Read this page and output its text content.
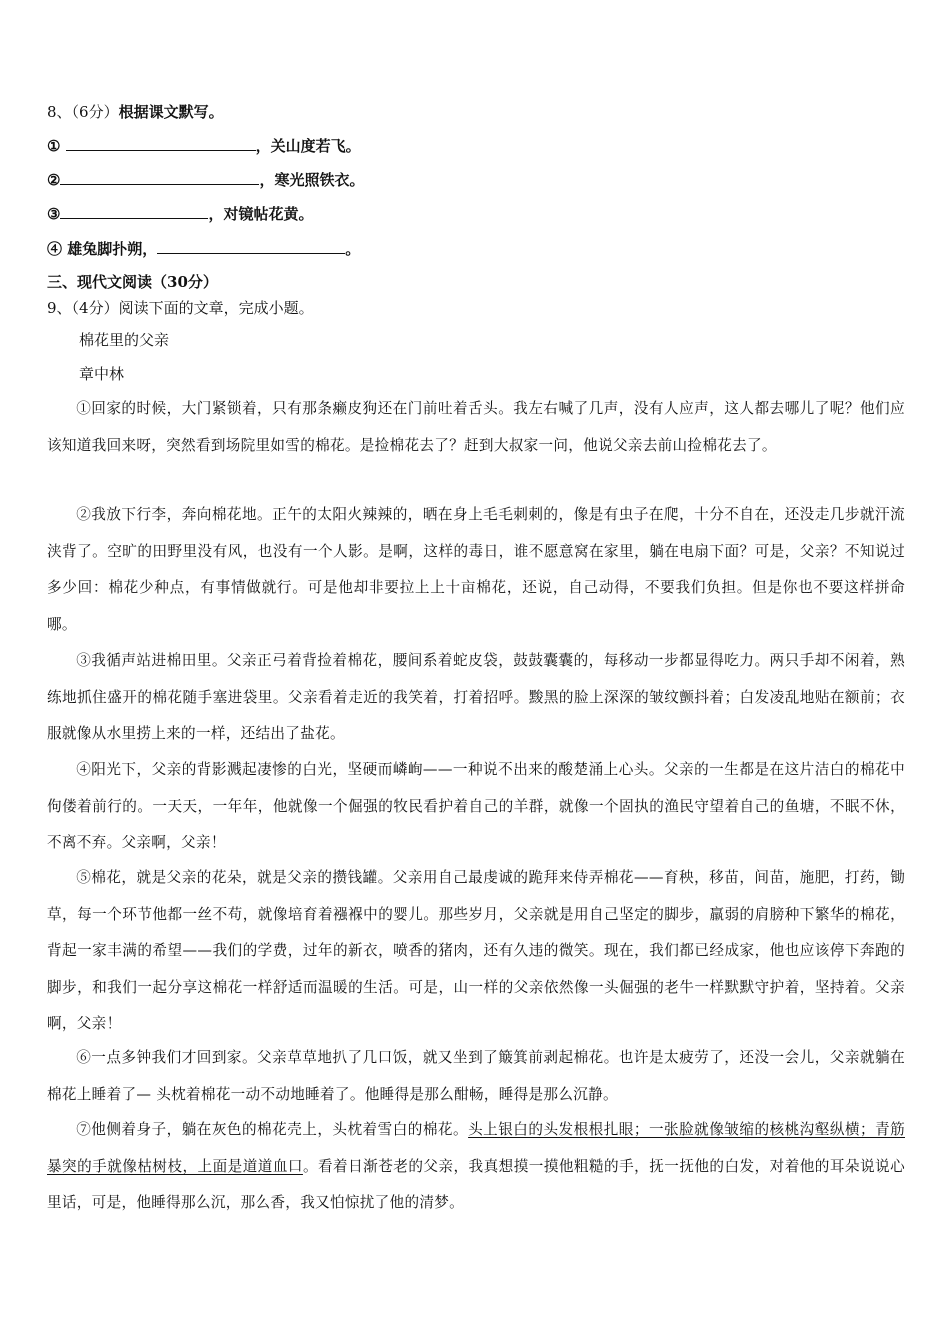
8、（6分）根据课文默写。
①	，关山度若飞。
②	，寒光照铁衣。
③	，对镜帖花黄。
④ 雄兔脚扑朔，	。
三、现代文阅读（30分）
9、（4分）阅读下面的文章，完成小题。
棉花里的父亲
章中林

①回家的时候，大门紧锁着，只有那条癞皮狗还在门前吐着舌头。我左右喊了几声，没有人应声，这人都去哪儿了呢？他们应该知道我回来呀，突然看到场院里如雪的棉花。是捡棉花去了？赶到大叔家一问，他说父亲去前山捡棉花去了。

②我放下行李，奔向棉花地。正午的太阳火辣辣的，晒在身上毛毛刺刺的，像是有虫子在爬，十分不自在，还没走几步就汗流浃背了。空旷的田野里没有风，也没有一个人影。是啊，这样的毒日，谁不愿意窝在家里，躺在电扇下面？可是，父亲？不知说过多少回：棉花少种点，有事情做就行。可是他却非要拉上上十亩棉花，还说，自己动得，不要我们负担。但是你也不要这样拼命哪。

③我循声站进棉田里。父亲正弓着背捡着棉花，腰间系着蛇皮袋，鼓鼓囊囊的，每移动一步都显得吃力。两只手却不闲着，熟练地抓住盛开的棉花随手塞进袋里。父亲看着走近的我笑着，打着招呼。黢黑的脸上深深的皱纹颤抖着；白发凌乱地贴在额前；衣服就像从水里捞上来的一样，还结出了盐花。

④阳光下，父亲的背影溅起凄惨的白光，坚硬而嶙峋——一种说不出来的酸楚涌上心头。父亲的一生都是在这片洁白的棉花中佝偻着前行的。一天天，一年年，他就像一个倔强的牧民看护着自己的羊群，就像一个固执的渔民守望着自己的鱼塘，不眠不休，不离不弃。父亲啊，父亲！

⑤棉花，就是父亲的花朵，就是父亲的攒钱罐。父亲用自己最虔诚的跪拜来侍弄棉花——育秧，移苗，间苗，施肥，打药，锄草，每一个环节他都一丝不苟，就像培育着襁褓中的婴儿。那些岁月，父亲就是用自己坚定的脚步，羸弱的肩膀种下繁华的棉花，背起一家丰满的希望——我们的学费，过年的新衣，喷香的猪肉，还有久违的微笑。现在，我们都已经成家，他也应该停下奔跑的脚步，和我们一起分享这棉花一样舒适而温暖的生活。可是，山一样的父亲依然像一头倔强的老牛一样默默守护着，坚持着。父亲啊，父亲！

⑥一点多钟我们才回到家。父亲草草地扒了几口饭，就又坐到了簸箕前剥起棉花。也许是太疲劳了，还没一会儿，父亲就躺在棉花上睡着了— 头枕着棉花一动不动地睡着了。他睡得是那么酣畅，睡得是那么沉静。

⑦他侧着身子，躺在灰色的棉花壳上，头枕着雪白的棉花。头上银白的头发根根扎眼；一张脸就像皱缩的核桃沟壑纵横；青筋暴突的手就像枯树枝，上面是道道血口。看着日渐苍老的父亲，我真想摸一摸他粗糙的手，抚一抚他的白发，对着他的耳朵说说心里话，可是，他睡得那么沉，那么香，我又怕惊扰了他的清梦。
